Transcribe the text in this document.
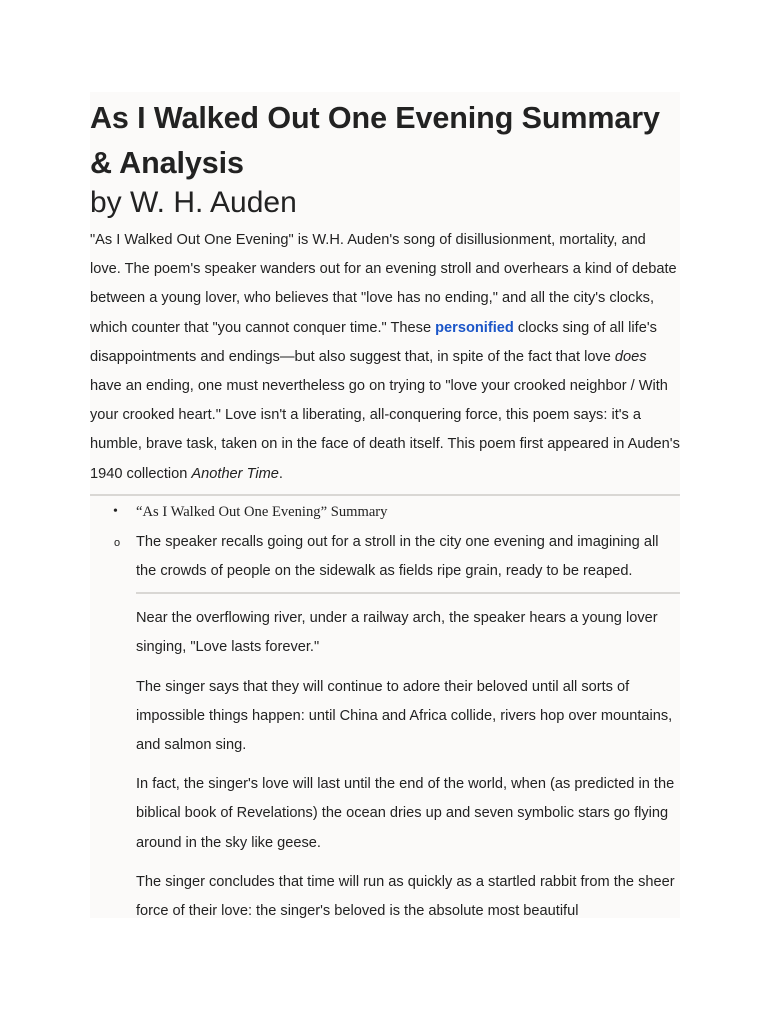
As I Walked Out One Evening Summary & Analysis
by W. H. Auden

"As I Walked Out One Evening" is W.H. Auden's song of disillusionment, mortality, and love. The poem's speaker wanders out for an evening stroll and overhears a kind of debate between a young lover, who believes that "love has no ending," and all the city's clocks, which counter that "you cannot conquer time." These personified clocks sing of all life's disappointments and endings—but also suggest that, in spite of the fact that love does have an ending, one must nevertheless go on trying to "love your crooked neighbor / With your crooked heart." Love isn't a liberating, all-conquering force, this poem says: it's a humble, brave task, taken on in the face of death itself. This poem first appeared in Auden's 1940 collection Another Time.

• “As I Walked Out One Evening” Summary
o The speaker recalls going out for a stroll in the city one evening and imagining all the crowds of people on the sidewalk as fields ripe grain, ready to be reaped.

Near the overflowing river, under a railway arch, the speaker hears a young lover singing, "Love lasts forever."

The singer says that they will continue to adore their beloved until all sorts of impossible things happen: until China and Africa collide, rivers hop over mountains, and salmon sing.

In fact, the singer's love will last until the end of the world, when (as predicted in the biblical book of Revelations) the ocean dries up and seven symbolic stars go flying around in the sky like geese.

The singer concludes that time will run as quickly as a startled rabbit from the sheer force of their love: the singer's beloved is the absolute most beautiful
